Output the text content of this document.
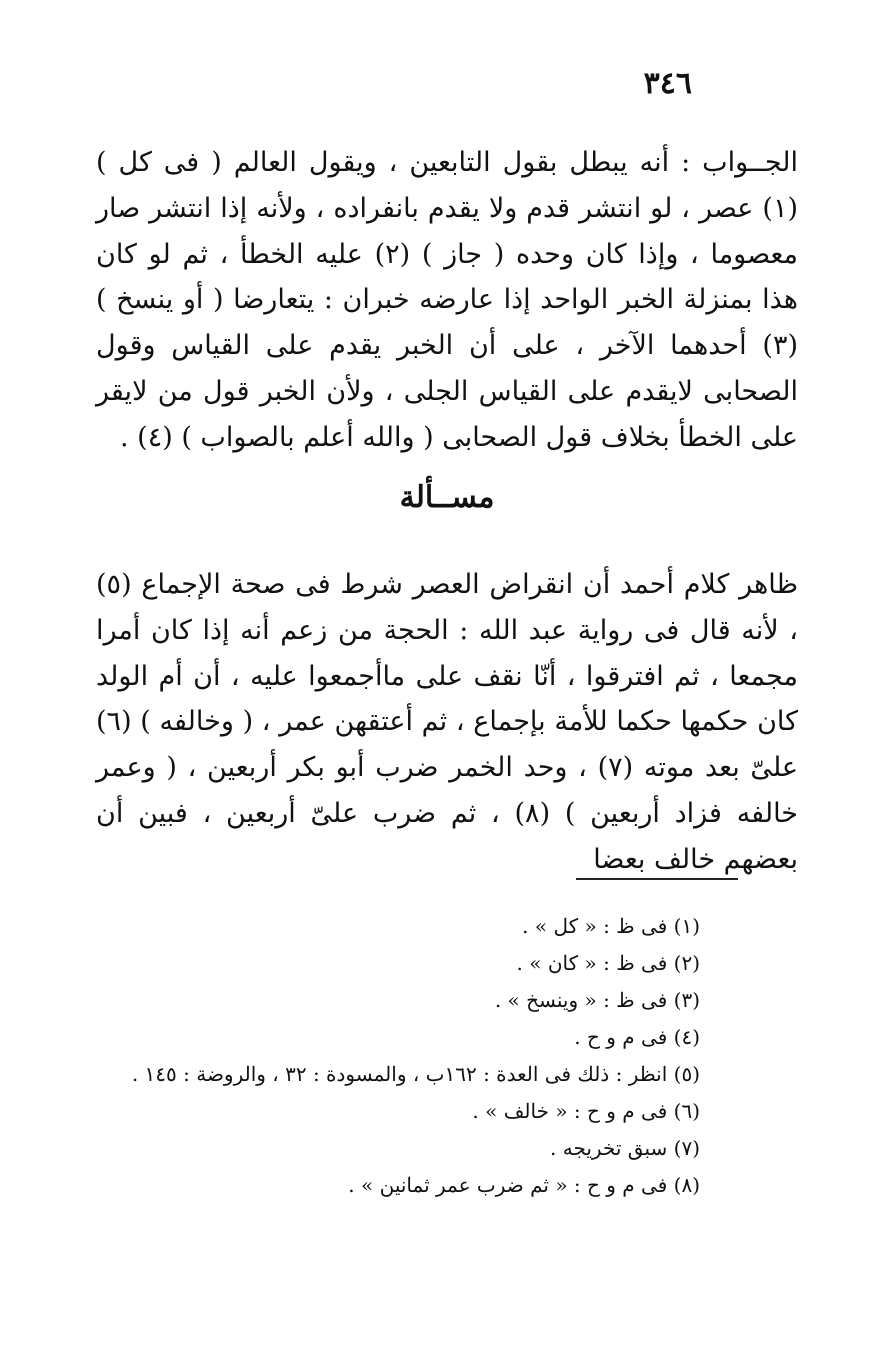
٣٤٦

الجــواب : أنه يبطل بقول التابعين ، ويقول العالم ( فى كل ) (١) عصر ، لو انتشر قدم ولا يقدم بانفراده ، ولأنه إذا انتشر صار معصوما ، وإذا كان وحده ( جاز ) (٢) عليه الخطأ ، ثم لو كان هذا بمنزلة الخبر الواحد إذا عارضه خبران : يتعارضا ( أو ينسخ ) (٣) أحدهما الآخر ، على أن الخبر يقدم على القياس وقول الصحابى لايقدم على القياس الجلى ، ولأن الخبر قول من لايقر على الخطأ بخلاف قول الصحابى ( والله أعلم بالصواب ) (٤) .

مســألة

ظاهر كلام أحمد أن انقراض العصر شرط فى صحة الإجماع (٥) ، لأنه قال فى رواية عبد الله : الحجة من زعم أنه إذا كان أمرا مجمعا ، ثم افترقوا ، أنّا نقف على ماأجمعوا عليه ، أن أم الولد كان حكمها حكما للأمة بإجماع ، ثم أعتقهن عمر ، ( وخالفه ) (٦) علىّ بعد موته (٧) ، وحد الخمر ضرب أبو بكر أربعين ، ( وعمر خالفه فزاد أربعين ) (٨) ، ثم ضرب علىّ أربعين ، فبين أن بعضهم خالف بعضا

(١) فى ظ : « كل » .
(٢) فى ظ : « كان » .
(٣) فى ظ : « وينسخ » .
(٤) فى م و ح .
(٥) انظر : ذلك فى العدة : ١٦٢ب ، والمسودة : ٣٢ ، والروضة : ١٤٥ .
(٦) فى م و ح : « خالف » .
(٧) سبق تخريجه .
(٨) فى م و ح : « ثم ضرب عمر ثمانين » .
